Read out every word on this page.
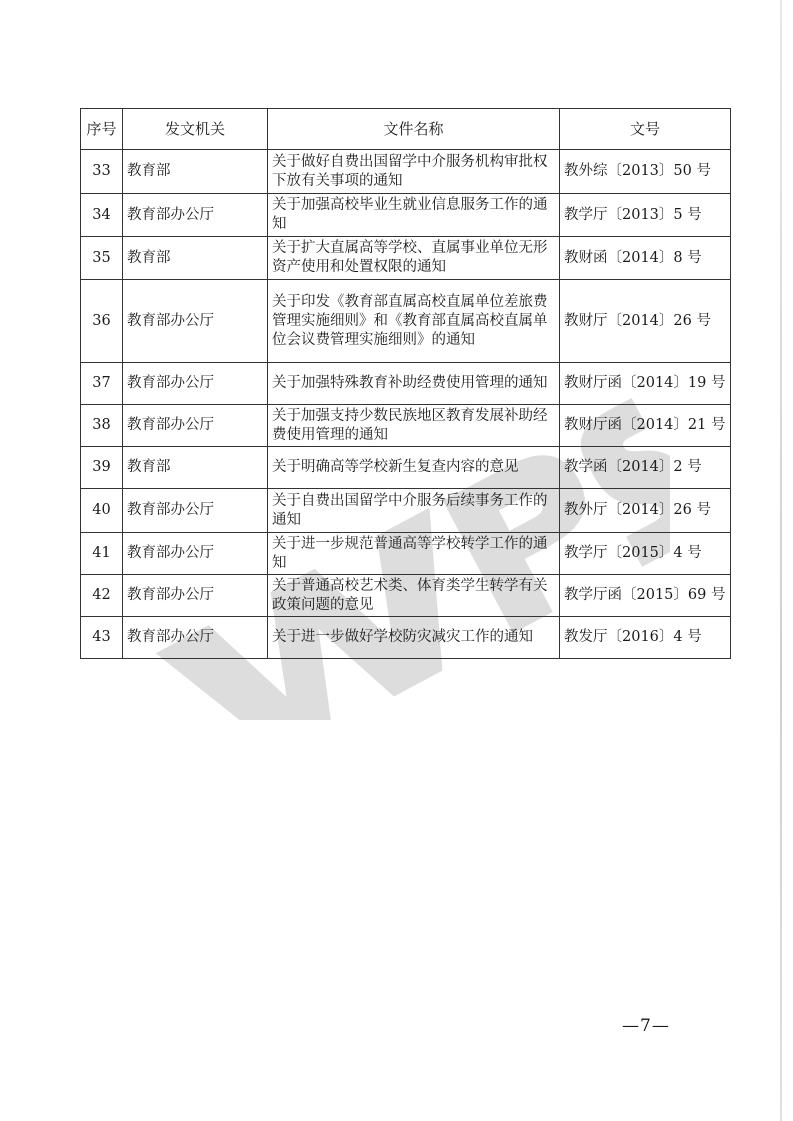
序号	发文机关	文件名称	文号
33	教育部	关于做好自费出国留学中介服务机构审批权下放有关事项的通知	教外综〔2013〕50 号
34	教育部办公厅	关于加强高校毕业生就业信息服务工作的通知	教学厅〔2013〕5 号
35	教育部	关于扩大直属高等学校、直属事业单位无形资产使用和处置权限的通知	教财函〔2014〕8 号
36	教育部办公厅	关于印发《教育部直属高校直属单位差旅费管理实施细则》和《教育部直属高校直属单位会议费管理实施细则》的通知	教财厅〔2014〕26 号
37	教育部办公厅	关于加强特殊教育补助经费使用管理的通知	教财厅函〔2014〕19 号
38	教育部办公厅	关于加强支持少数民族地区教育发展补助经费使用管理的通知	教财厅函〔2014〕21 号
39	教育部	关于明确高等学校新生复查内容的意见	教学函〔2014〕2 号
40	教育部办公厅	关于自费出国留学中介服务后续事务工作的通知	教外厅〔2014〕26 号
41	教育部办公厅	关于进一步规范普通高等学校转学工作的通知	教学厅〔2015〕4 号
42	教育部办公厅	关于普通高校艺术类、体育类学生转学有关政策问题的意见	教学厅函〔2015〕69 号
43	教育部办公厅	关于进一步做好学校防灾减灾工作的通知	教发厅〔2016〕4 号
—7—
